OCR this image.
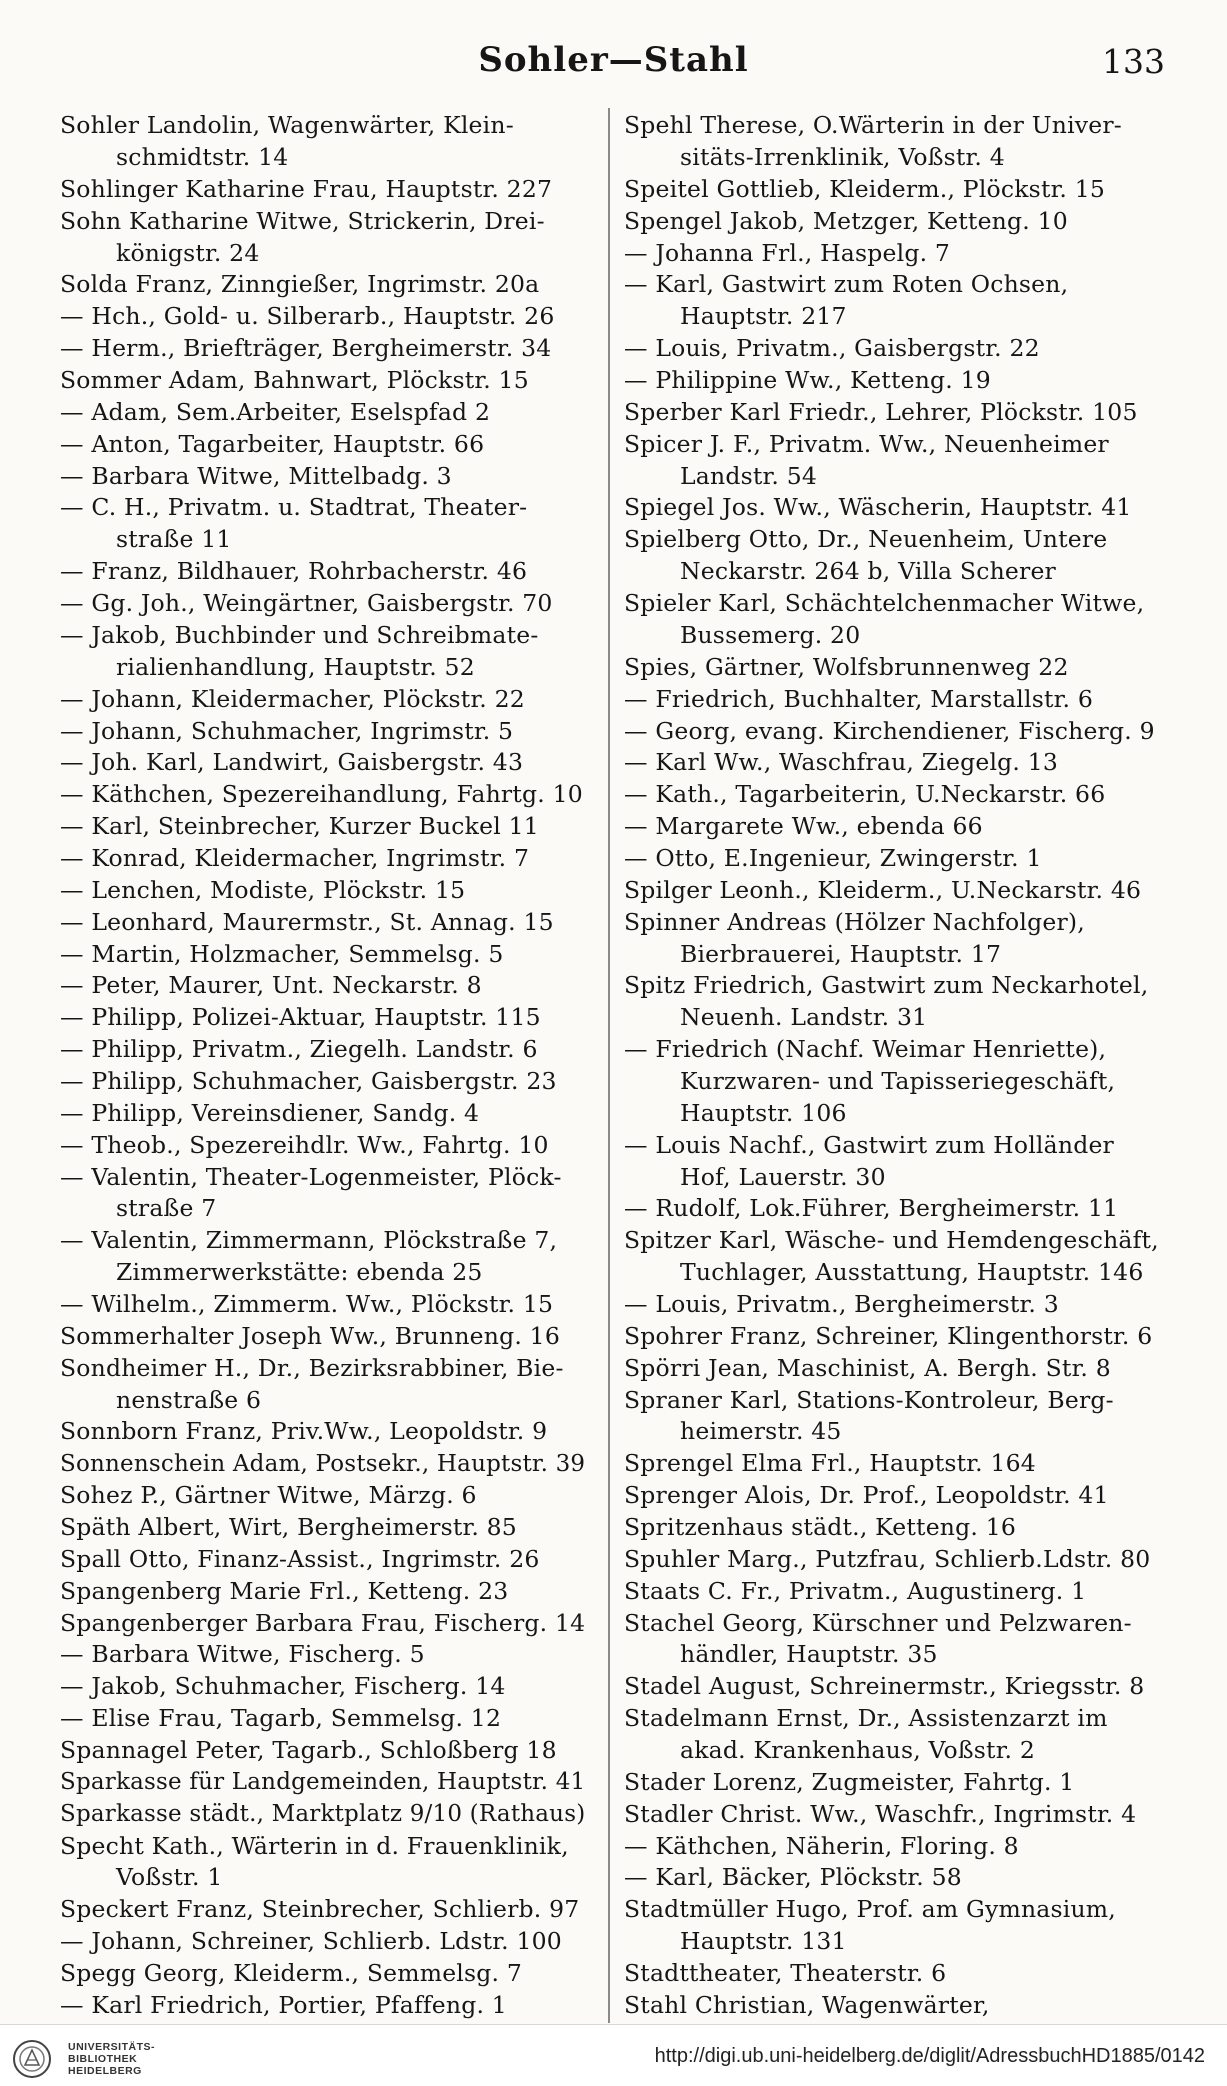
Sohler—Stahl	133
Sohler Landolin, Wagenwärter, Klein-
schmidtstr. 14
Sohlinger Katharine Frau, Hauptstr. 227
Sohn Katharine Witwe, Strickerin, Drei-
königstr. 24
Solda Franz, Zinngießer, Ingrimstr. 20a
— Hch., Gold- u. Silberarb., Hauptstr. 26
— Herm., Briefträger, Bergheimerstr. 34
Sommer Adam, Bahnwart, Plöckstr. 15
— Adam, Sem.Arbeiter, Eselspfad 2
— Anton, Tagarbeiter, Hauptstr. 66
— Barbara Witwe, Mittelbadg. 3
— C. H., Privatm. u. Stadtrat, Theater-
straße 11
— Franz, Bildhauer, Rohrbacherstr. 46
— Gg. Joh., Weingärtner, Gaisbergstr. 70
— Jakob, Buchbinder und Schreibmate-
rialienhandlung, Hauptstr. 52
— Johann, Kleidermacher, Plöckstr. 22
— Johann, Schuhmacher, Ingrimstr. 5
— Joh. Karl, Landwirt, Gaisbergstr. 43
— Käthchen, Spezereihandlung, Fahrtg. 10
— Karl, Steinbrecher, Kurzer Buckel 11
— Konrad, Kleidermacher, Ingrimstr. 7
— Lenchen, Modiste, Plöckstr. 15
— Leonhard, Maurermstr., St. Annag. 15
— Martin, Holzmacher, Semmelsg. 5
— Peter, Maurer, Unt. Neckarstr. 8
— Philipp, Polizei-Aktuar, Hauptstr. 115
— Philipp, Privatm., Ziegelh. Landstr. 6
— Philipp, Schuhmacher, Gaisbergstr. 23
— Philipp, Vereinsdiener, Sandg. 4
— Theob., Spezereihdlr. Ww., Fahrtg. 10
— Valentin, Theater-Logenmeister, Plöck-
straße 7
— Valentin, Zimmermann, Plöckstraße 7,
Zimmerwerkstätte: ebenda 25
— Wilhelm., Zimmerm. Ww., Plöckstr. 15
Sommerhalter Joseph Ww., Brunneng. 16
Sondheimer H., Dr., Bezirksrabbiner, Bie-
nenstraße 6
Sonnborn Franz, Priv.Ww., Leopoldstr. 9
Sonnenschein Adam, Postsekr., Hauptstr. 39
Sohez P., Gärtner Witwe, Märzg. 6
Späth Albert, Wirt, Bergheimerstr. 85
Spall Otto, Finanz-Assist., Ingrimstr. 26
Spangenberg Marie Frl., Ketteng. 23
Spangenberger Barbara Frau, Fischerg. 14
— Barbara Witwe, Fischerg. 5
— Jakob, Schuhmacher, Fischerg. 14
— Elise Frau, Tagarb, Semmelsg. 12
Spannagel Peter, Tagarb., Schloßberg 18
Sparkasse für Landgemeinden, Hauptstr. 41
Sparkasse städt., Marktplatz 9/10 (Rathaus)
Specht Kath., Wärterin in d. Frauenklinik,
Voßstr. 1
Speckert Franz, Steinbrecher, Schlierb. 97
— Johann, Schreiner, Schlierb. Ldstr. 100
Spegg Georg, Kleiderm., Semmelsg. 7
— Karl Friedrich, Portier, Pfaffeng. 1
Spehl Therese, O.Wärterin in der Univer-
sitäts-Irrenklinik, Voßstr. 4
Speitel Gottlieb, Kleiderm., Plöckstr. 15
Spengel Jakob, Metzger, Ketteng. 10
— Johanna Frl., Haspelg. 7
— Karl, Gastwirt zum Roten Ochsen,
Hauptstr. 217
— Louis, Privatm., Gaisbergstr. 22
— Philippine Ww., Ketteng. 19
Sperber Karl Friedr., Lehrer, Plöckstr. 105
Spicer J. F., Privatm. Ww., Neuenheimer
Landstr. 54
Spiegel Jos. Ww., Wäscherin, Hauptstr. 41
Spielberg Otto, Dr., Neuenheim, Untere
Neckarstr. 264 b, Villa Scherer
Spieler Karl, Schächtelchenmacher Witwe,
Bussemerg. 20
Spies, Gärtner, Wolfsbrunnenweg 22
— Friedrich, Buchhalter, Marstallstr. 6
— Georg, evang. Kirchendiener, Fischerg. 9
— Karl Ww., Waschfrau, Ziegelg. 13
— Kath., Tagarbeiterin, U.Neckarstr. 66
— Margarete Ww., ebenda 66
— Otto, E.Ingenieur, Zwingerstr. 1
Spilger Leonh., Kleiderm., U.Neckarstr. 46
Spinner Andreas (Hölzer Nachfolger),
Bierbrauerei, Hauptstr. 17
Spitz Friedrich, Gastwirt zum Neckarhotel,
Neuenh. Landstr. 31
— Friedrich (Nachf. Weimar Henriette),
Kurzwaren- und Tapisseriegeschäft,
Hauptstr. 106
— Louis Nachf., Gastwirt zum Holländer
Hof, Lauerstr. 30
— Rudolf, Lok.Führer, Bergheimerstr. 11
Spitzer Karl, Wäsche- und Hemdengeschäft,
Tuchlager, Ausstattung, Hauptstr. 146
— Louis, Privatm., Bergheimerstr. 3
Spohrer Franz, Schreiner, Klingenthorstr. 6
Spörri Jean, Maschinist, A. Bergh. Str. 8
Spraner Karl, Stations-Kontroleur, Berg-
heimerstr. 45
Sprengel Elma Frl., Hauptstr. 164
Sprenger Alois, Dr. Prof., Leopoldstr. 41
Spritzenhaus städt., Ketteng. 16
Spuhler Marg., Putzfrau, Schlierb.Ldstr. 80
Staats C. Fr., Privatm., Augustinerg. 1
Stachel Georg, Kürschner und Pelzwaren-
händler, Hauptstr. 35
Stadel August, Schreinermstr., Kriegsstr. 8
Stadelmann Ernst, Dr., Assistenzarzt im
akad. Krankenhaus, Voßstr. 2
Stader Lorenz, Zugmeister, Fahrtg. 1
Stadler Christ. Ww., Waschfr., Ingrimstr. 4
— Käthchen, Näherin, Floring. 8
— Karl, Bäcker, Plöckstr. 58
Stadtmüller Hugo, Prof. am Gymnasium,
Hauptstr. 131
Stadttheater, Theaterstr. 6
Stahl Christian, Wagenwärter,
UNIVERSITÄTS-
BIBLIOTHEK
HEIDELBERG
http://digi.ub.uni-heidelberg.de/diglit/AdressbuchHD1885/0142
